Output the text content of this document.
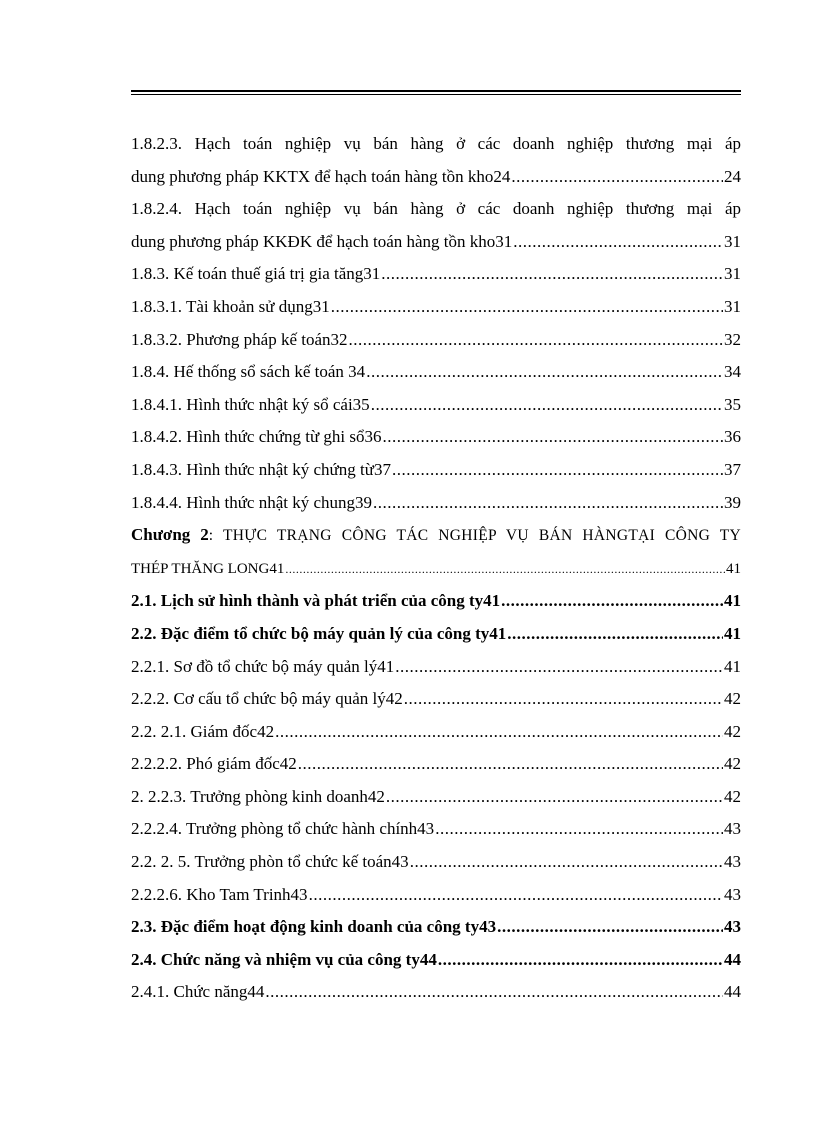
1.8.2.3. Hạch toán nghiệp vụ bán hàng ở các doanh nghiệp thương mại áp
dung phương pháp KKTX để hạch toán hàng tồn kho24 .....	24
1.8.2.4. Hạch toán nghiệp vụ bán hàng ở các doanh nghiệp thương mại áp
dung phương pháp KKĐK để hạch toán hàng tồn kho31 .....	31
1.8.3. Kế toán thuế giá trị gia tăng31 .....	31
1.8.3.1. Tài khoản sử dụng31 .....	31
1.8.3.2. Phương pháp kế toán32 .....	32
1.8.4. Hế thống sổ sách kế toán 34 .....	34
1.8.4.1. Hình thức nhật ký sổ cái35 .....	35
1.8.4.2. Hình thức chứng từ ghi sổ36 .....	36
1.8.4.3. Hình thức nhật ký chứng từ37 .....	37
1.8.4.4. Hình thức nhật ký chung39 .....	39
Chương 2: THỰC TRẠNG CÔNG TÁC NGHIỆP VỤ BÁN HÀNGTẠI CÔNG TY
THÉP THĂNG LONG41 .....	41
2.1. Lịch sử hình thành và phát triển của công ty41 .....	41
2.2. Đặc điểm tổ chức bộ máy quản lý của công ty41 .....	41
2.2.1. Sơ đồ tổ chức bộ máy quản lý41 .....	41
2.2.2. Cơ cấu tổ chức bộ máy quản lý42 .....	42
2.2. 2.1. Giám đốc42 .....	42
2.2.2.2. Phó giám đốc42 .....	42
2. 2.2.3. Trưởng phòng kinh doanh42 .....	42
2.2.2.4. Trưởng phòng tổ chức hành chính43 .....	43
2.2. 2. 5. Trưởng phòn tổ chức kế toán43 .....	43
2.2.2.6. Kho Tam Trinh43 .....	43
2.3. Đặc điểm hoạt động kinh doanh của công ty43 .....	43
2.4. Chức năng và nhiệm vụ của công ty44 .....	44
2.4.1. Chức năng44 .....	44
